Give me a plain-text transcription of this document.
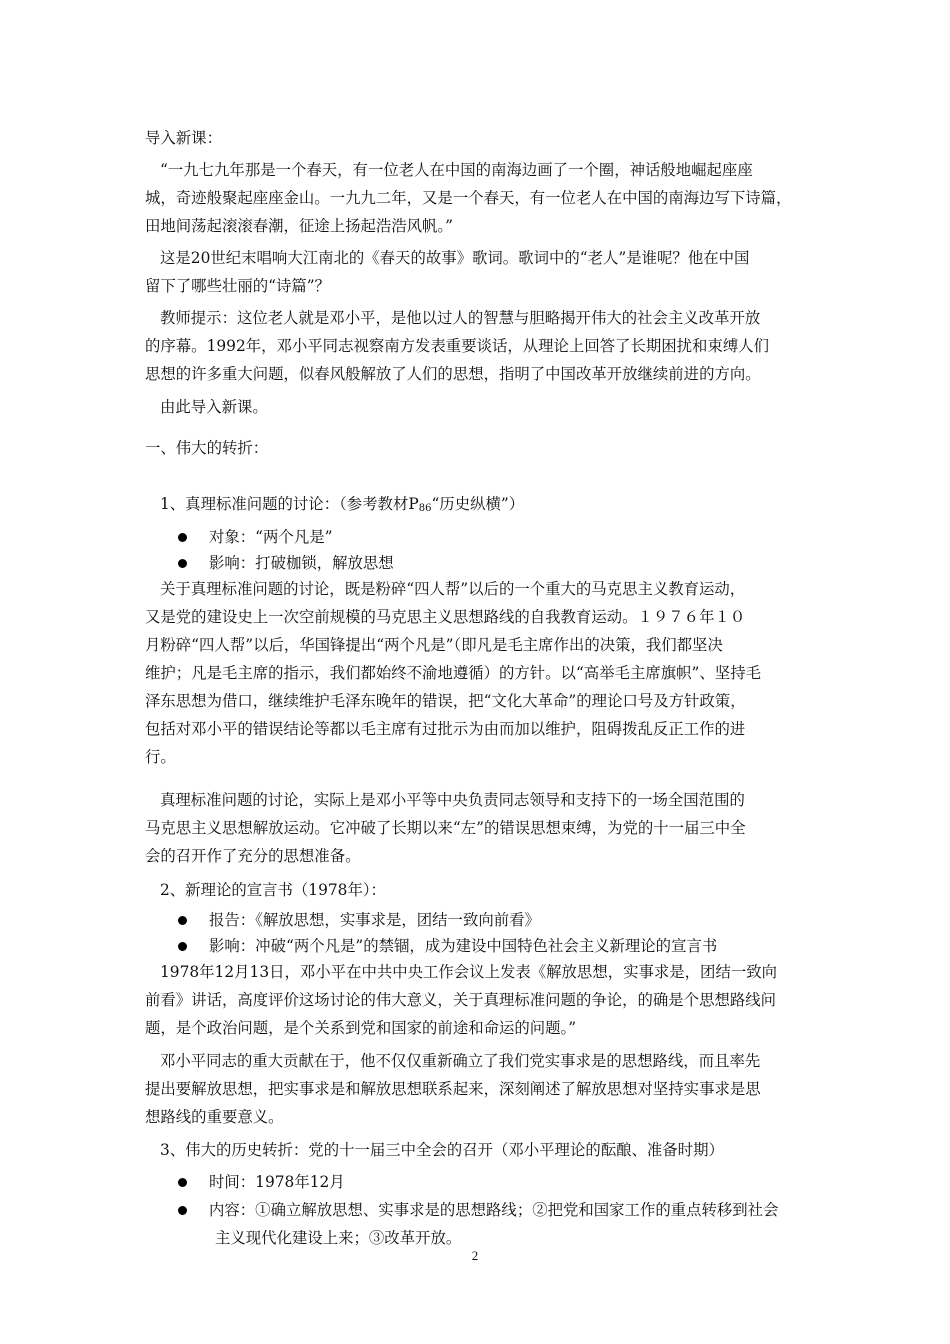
导入新课：
“一九七九年那是一个春天，有一位老人在中国的南海边画了一个圈，神话般地崛起座座
城，奇迹般聚起座座金山。一九九二年，又是一个春天，有一位老人在中国的南海边写下诗篇，
田地间荡起滚滚春潮，征途上扬起浩浩风帆。”
这是20世纪末唱响大江南北的《春天的故事》歌词。歌词中的“老人”是谁呢？他在中国
留下了哪些壮丽的“诗篇”？
教师提示：这位老人就是邓小平，是他以过人的智慧与胆略揭开伟大的社会主义改革开放
的序幕。1992年，邓小平同志视察南方发表重要谈话，从理论上回答了长期困扰和束缚人们
思想的许多重大问题，似春风般解放了人们的思想，指明了中国改革开放继续前进的方向。
由此导入新课。
一、伟大的转折：
1、真理标准问题的讨论：（参考教材$P_{86}“$历史纵横”）
对象：“两个凡是”
影响：打破枷锁，解放思想
关于真理标准问题的讨论，既是粉碎“四人帮”以后的一个重大的马克思主义教育运动，
又是党的建设史上一次空前规模的马克思主义思想路线的自我教育运动。１９７６年１０
月粉碎“四人帮”以后，华国锋提出“两个凡是”（即凡是毛主席作出的决策，我们都坚决
维护；凡是毛主席的指示，我们都始终不渝地遵循）的方针。以“高举毛主席旗帜”、坚持毛
泽东思想为借口，继续维护毛泽东晚年的错误，把“文化大革命”的理论口号及方针政策，
包括对邓小平的错误结论等都以毛主席有过批示为由而加以维护，阻碍拨乱反正工作的进
行。
真理标准问题的讨论，实际上是邓小平等中央负责同志领导和支持下的一场全国范围的
马克思主义思想解放运动。它冲破了长期以来“左”的错误思想束缚，为党的十一届三中全
会的召开作了充分的思想准备。
2、新理论的宣言书（1978年）：
报告：《解放思想，实事求是，团结一致向前看》
影响：冲破“两个凡是”的禁锢，成为建设中国特色社会主义新理论的宣言书
1978年12月13日，邓小平在中共中央工作会议上发表《解放思想，实事求是，团结一致向
前看》讲话，高度评价这场讨论的伟大意义，关于真理标准问题的争论，的确是个思想路线问
题，是个政治问题，是个关系到党和国家的前途和命运的问题。”
邓小平同志的重大贡献在于，他不仅仅重新确立了我们党实事求是的思想路线，而且率先
提出要解放思想，把实事求是和解放思想联系起来，深刻阐述了解放思想对坚持实事求是思
想路线的重要意义。
3、伟大的历史转折：党的十一届三中全会的召开（邓小平理论的酝酿、准备时期）
时间：1978年12月
内容：①确立解放思想、实事求是的思想路线；②把党和国家工作的重点转移到社会
主义现代化建设上来；③改革开放。
2
